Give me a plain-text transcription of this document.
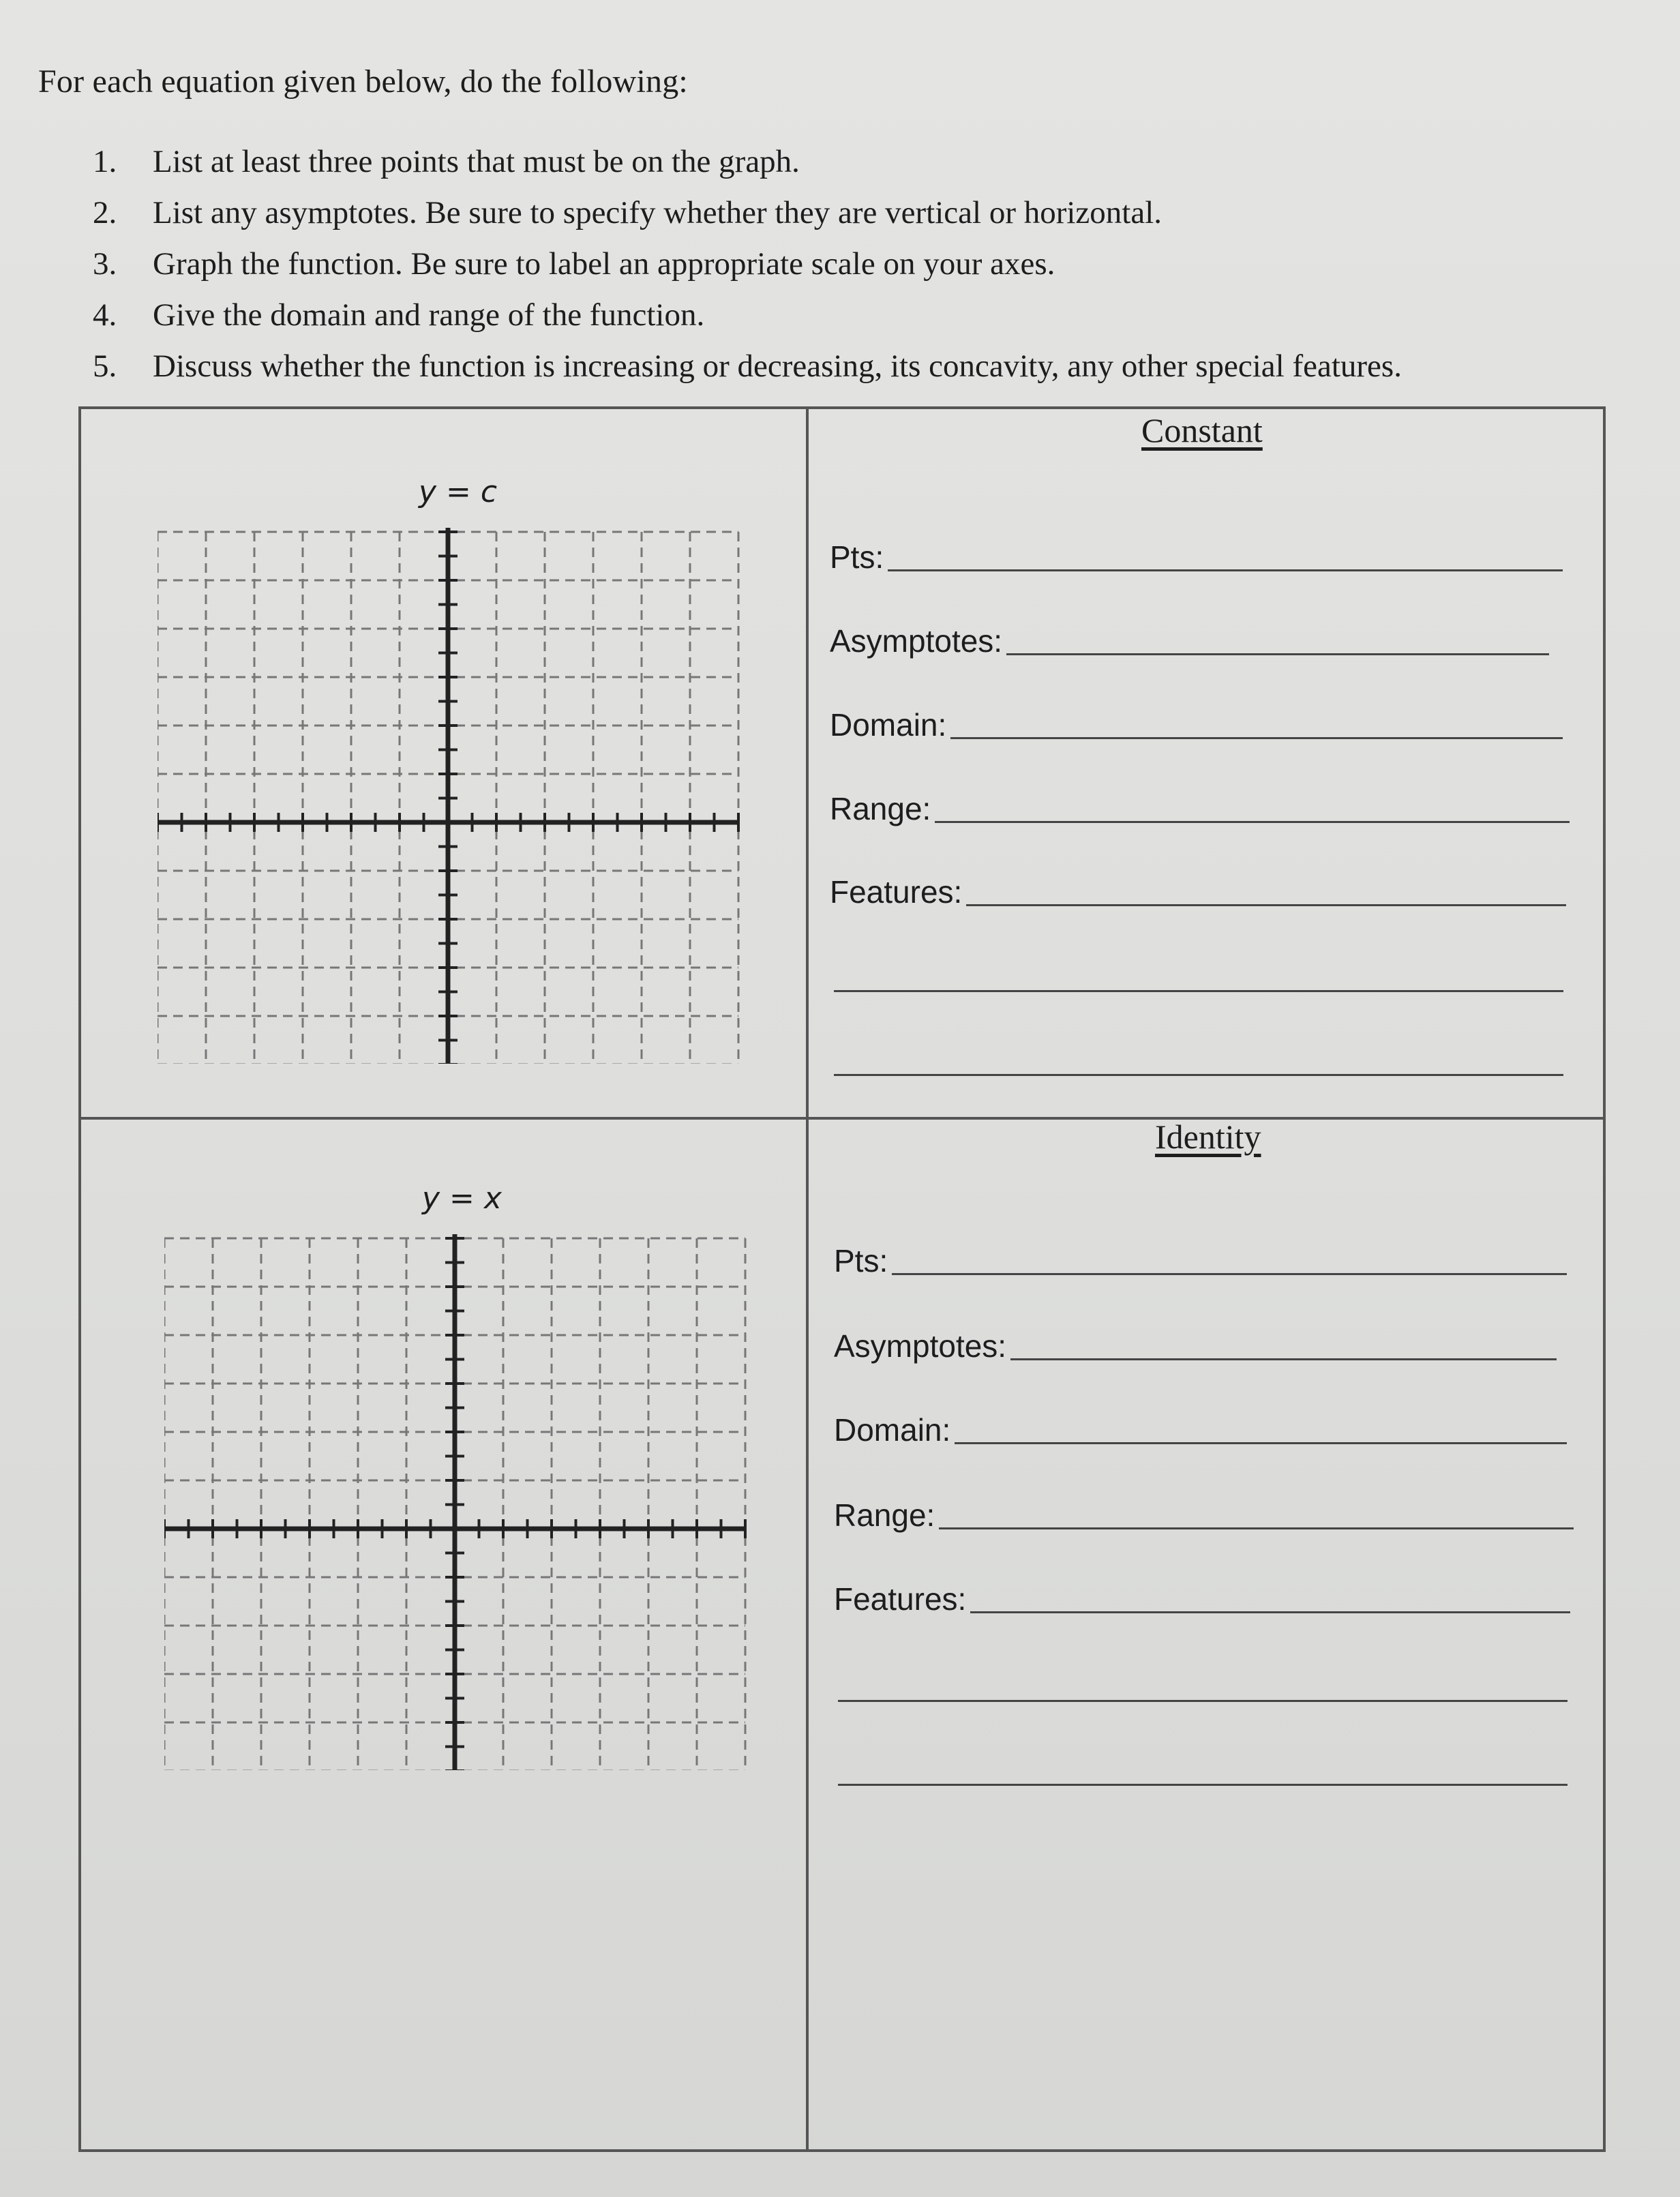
For each equation given below, do the following:
1.	List at least three points that must be on the graph.
2.	List any asymptotes. Be sure to specify whether they are vertical or horizontal.
3.	Graph the function. Be sure to label an appropriate scale on your axes.
4.	Give the domain and range of the function.
5.	Discuss whether the function is increasing or decreasing, its concavity, any other special features.
Constant
y = c
Pts:
Asymptotes:
Domain:
Range:
Features:
Identity
y = x
Pts:
Asymptotes:
Domain:
Range:
Features:
